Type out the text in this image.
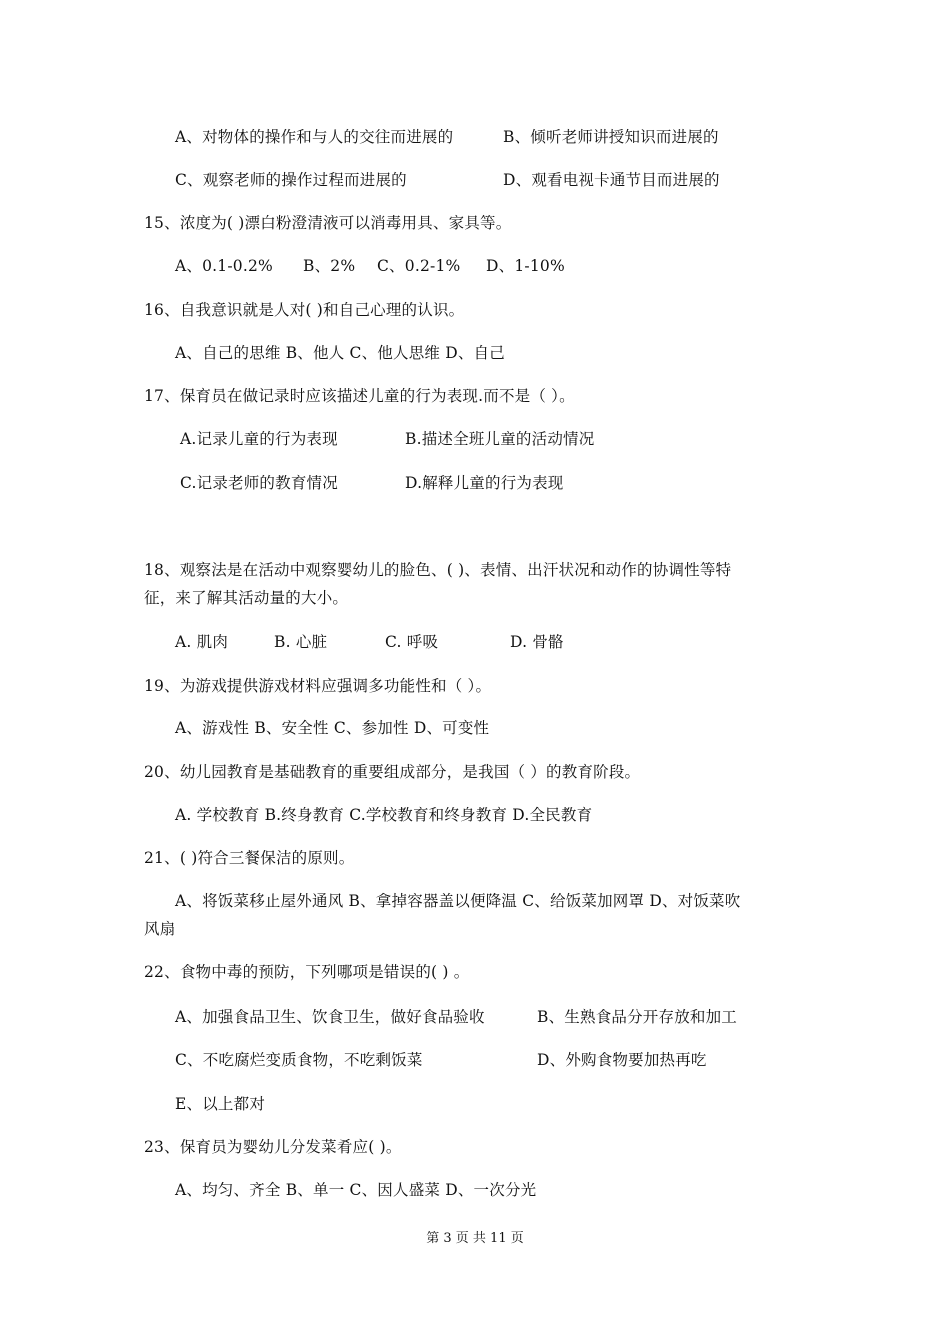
A、对物体的操作和与人的交往而进展的	B、倾听老师讲授知识而进展的
C、观察老师的操作过程而进展的	D、观看电视卡通节目而进展的
15、浓度为( )漂白粉澄清液可以消毒用具、家具等。
A、0.1-0.2% B、2% C、0.2-1% D、1-10%
16、自我意识就是人对( )和自己心理的认识。
A、自己的思维 B、他人 C、他人思维 D、自己
17、保育员在做记录时应该描述儿童的行为表现.而不是（ ）。
A.记录儿童的行为表现	B.描述全班儿童的活动情况
C.记录老师的教育情况	D.解释儿童的行为表现
18、观察法是在活动中观察婴幼儿的脸色、( )、表情、出汗状况和动作的协调性等特
征，来了解其活动量的大小。
A. 肌肉	B. 心脏	C. 呼吸	D. 骨骼
19、为游戏提供游戏材料应强调多功能性和（ ）。
A、游戏性 B、安全性 C、参加性 D、可变性
20、幼儿园教育是基础教育的重要组成部分，是我国（ ）的教育阶段。
A. 学校教育 B.终身教育 C.学校教育和终身教育 D.全民教育
21、( )符合三餐保洁的原则。
A、将饭菜移止屋外通风 B、拿掉容器盖以便降温 C、给饭菜加网罩 D、对饭菜吹
风扇
22、食物中毒的预防，下列哪项是错误的( ) 。
A、加强食品卫生、饮食卫生，做好食品验收	B、生熟食品分开存放和加工
C、不吃腐烂变质食物，不吃剩饭菜	D、外购食物要加热再吃
E、以上都对
23、保育员为婴幼儿分发菜肴应( )。
A、均匀、齐全 B、单一 C、因人盛菜 D、一次分光
第 3 页 共 11 页
